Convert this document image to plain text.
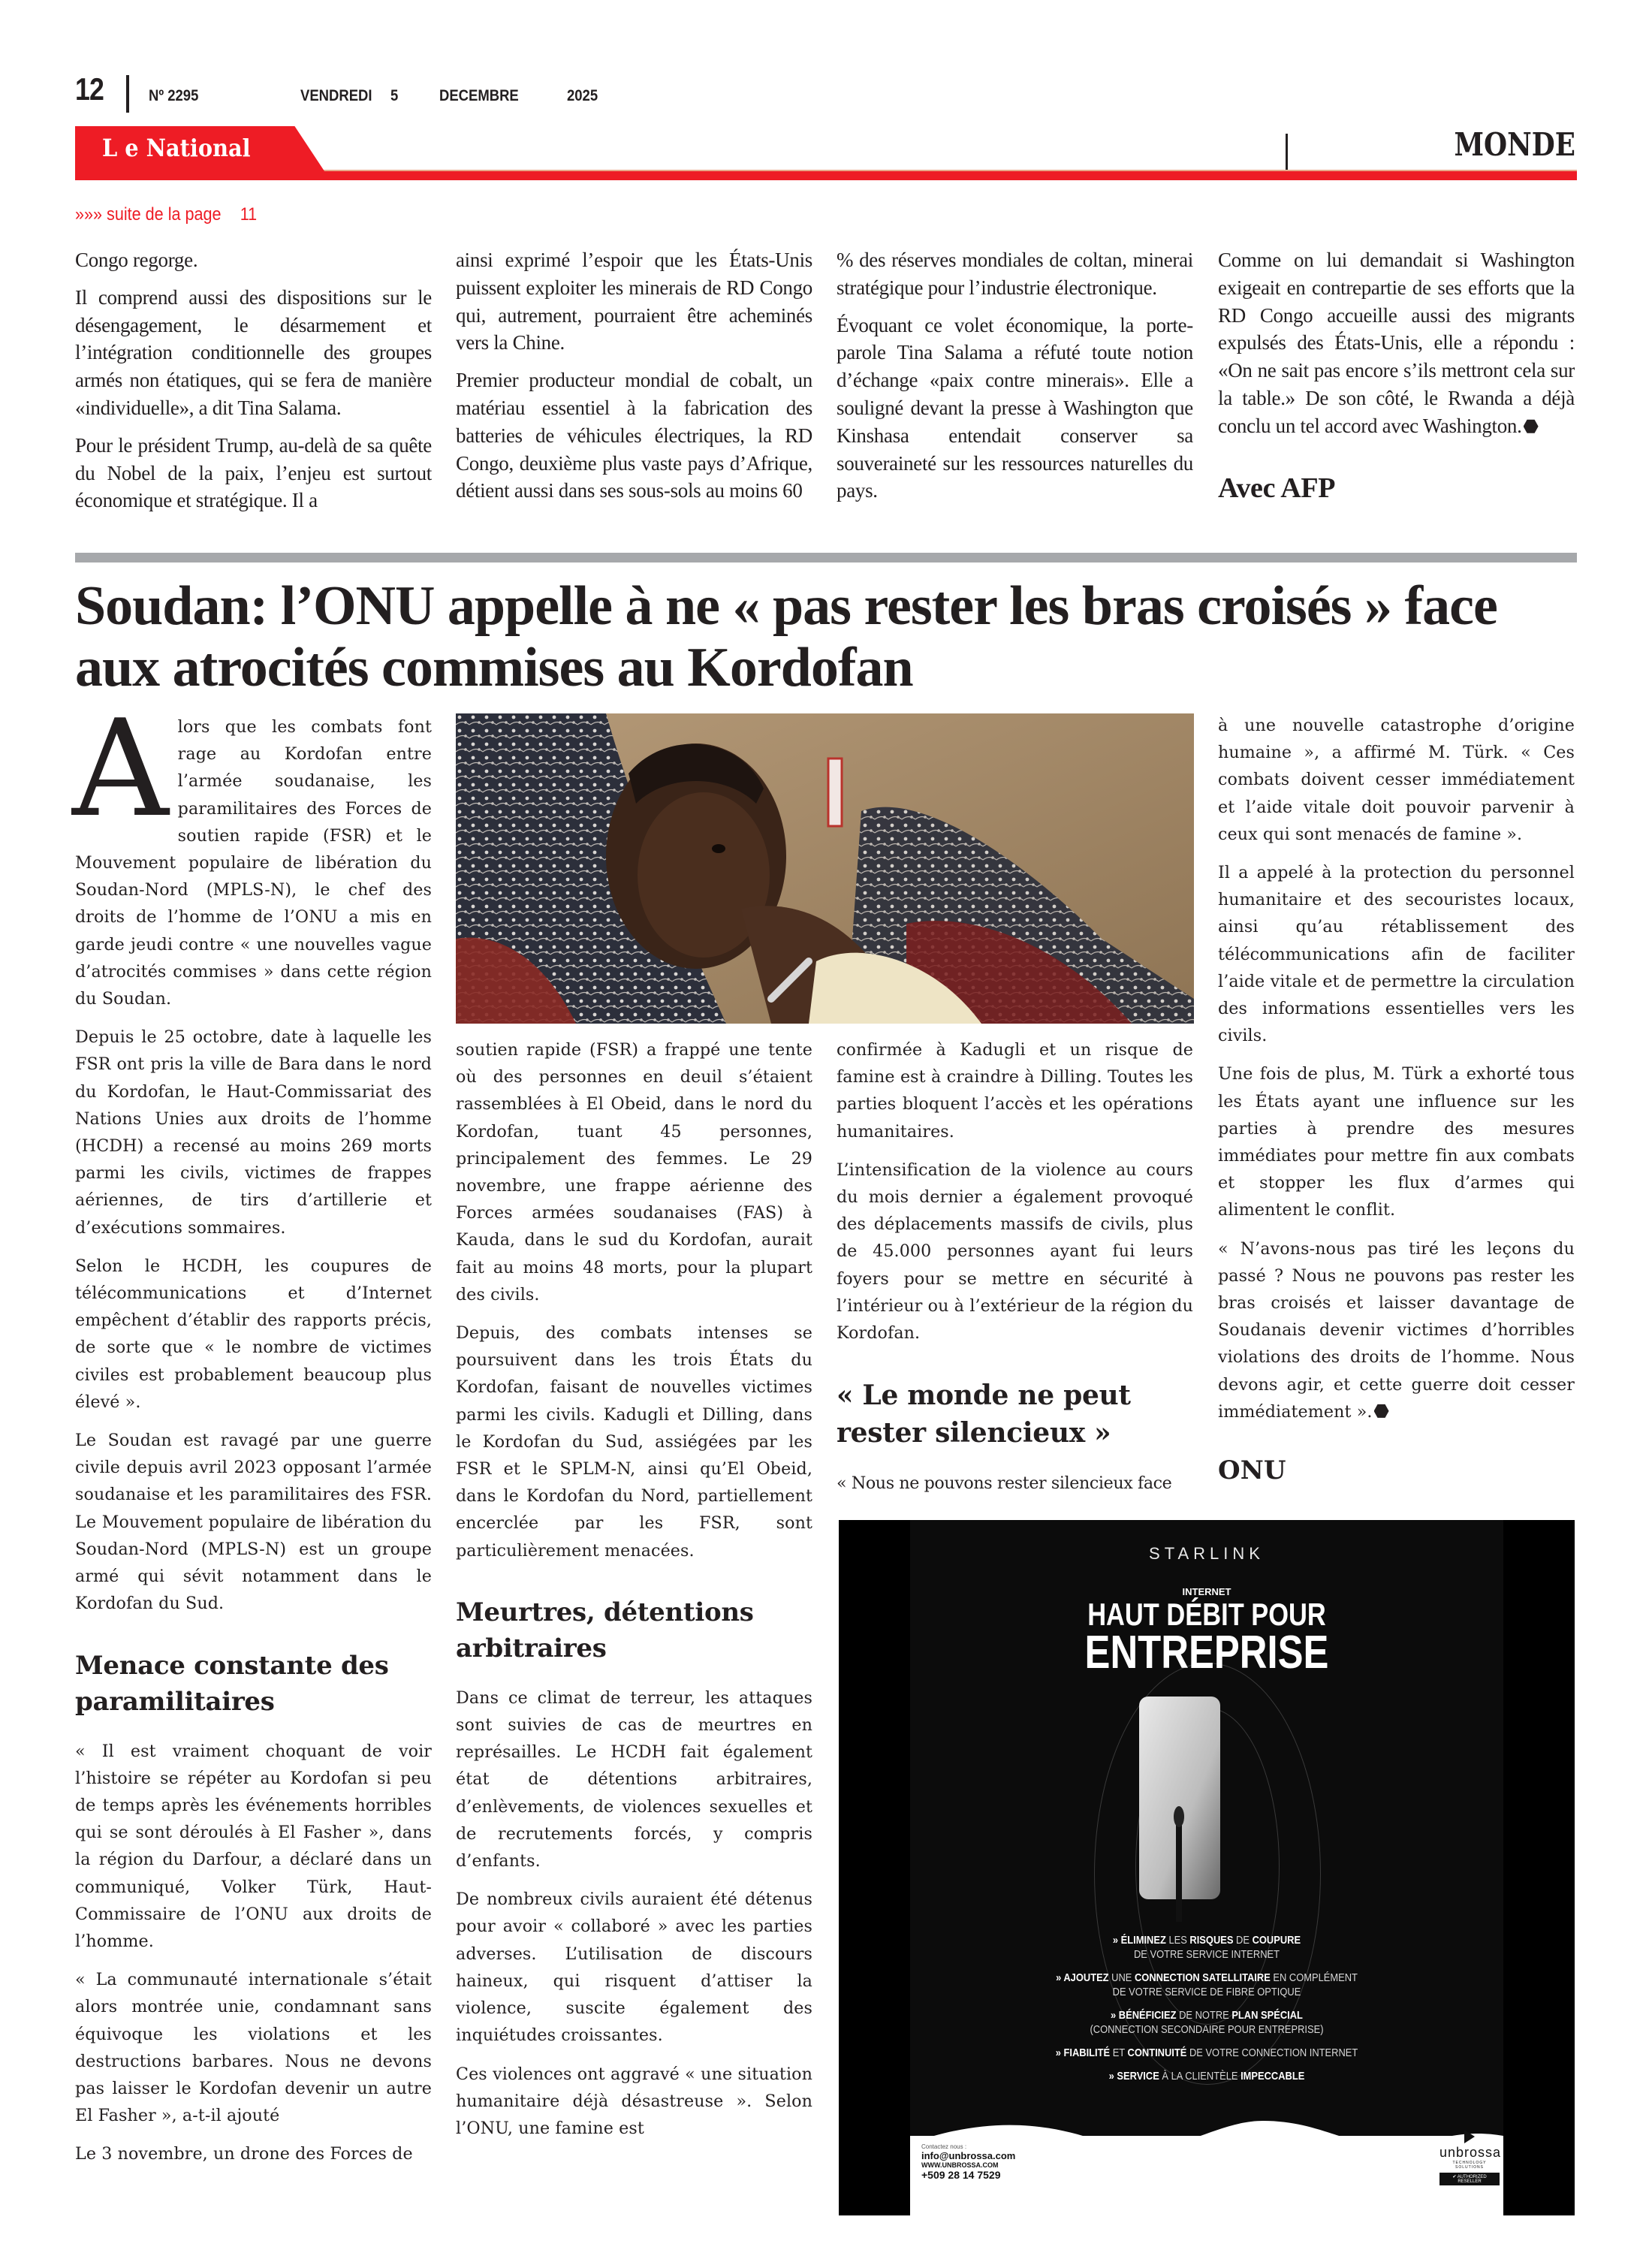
12	Nº 2295	VENDREDI 5	DECEMBRE	2025
L e National	MONDE
»»» suite de la page 11

Congo regorge.

Il comprend aussi des dispositions sur le désengagement, le désarmement et l’intégration conditionnelle des groupes armés non étatiques, qui se fera de manière «individuelle», a dit Tina Salama.

Pour le président Trump, au-delà de sa quête du Nobel de la paix, l’enjeu est surtout économique et stratégique. Il a

ainsi exprimé l’espoir que les États-Unis puissent exploiter les minerais de RD Congo qui, autrement, pourraient être acheminés vers la Chine.

Premier producteur mondial de cobalt, un matériau essentiel à la fabrication des batteries de véhicules électriques, la RD Congo, deuxième plus vaste pays d’Afrique, détient aussi dans ses sous-sols au moins 60

% des réserves mondiales de coltan, minerai stratégique pour l’industrie électronique.

Évoquant ce volet économique, la porte-parole Tina Salama a réfuté toute notion d’échange «paix contre minerais». Elle a souligné devant la presse à Washington que Kinshasa entendait conserver sa souveraineté sur les ressources naturelles du pays.

Comme on lui demandait si Washington exigeait en contrepartie de ses efforts que la RD Congo accueille aussi des migrants expulsés des États-Unis, elle a répondu : «On ne sait pas encore s’ils mettront cela sur la table.» De son côté, le Rwanda a déjà conclu un tel accord avec Washington.

Avec AFP
Soudan: l’ONU appelle à ne « pas rester les bras croisés » face aux atrocités commises au Kordofan

Alors que les combats font rage au Kordofan entre l’armée soudanaise, les paramilitaires des Forces de soutien rapide (FSR) et le Mouvement populaire de libération du Soudan-Nord (MPLS-N), le chef des droits de l’homme de l’ONU a mis en garde jeudi contre « une nouvelles vague d’atrocités commises » dans cette région du Soudan.

Depuis le 25 octobre, date à laquelle les FSR ont pris la ville de Bara dans le nord du Kordofan, le Haut-Commissariat des Nations Unies aux droits de l’homme (HCDH) a recensé au moins 269 morts parmi les civils, victimes de frappes aériennes, de tirs d’artillerie et d’exécutions sommaires.

Selon le HCDH, les coupures de télécommunications et d’Internet empêchent d’établir des rapports précis, de sorte que « le nombre de victimes civiles est probablement beaucoup plus élevé ».

Le Soudan est ravagé par une guerre civile depuis avril 2023 opposant l’armée soudanaise et les paramilitaires des FSR. Le Mouvement populaire de libération du Soudan-Nord (MPLS-N) est un groupe armé qui sévit notamment dans le Kordofan du Sud.

Menace constante des paramilitaires

« Il est vraiment choquant de voir l’histoire se répéter au Kordofan si peu de temps après les événements horribles qui se sont déroulés à El Fasher », dans la région du Darfour, a déclaré dans un communiqué, Volker Türk, Haut-Commissaire de l’ONU aux droits de l’homme.

« La communauté internationale s’était alors montrée unie, condamnant sans équivoque les violations et les destructions barbares. Nous ne devons pas laisser le Kordofan devenir un autre El Fasher », a-t-il ajouté

Le 3 novembre, un drone des Forces de

soutien rapide (FSR) a frappé une tente où des personnes en deuil s’étaient rassemblées à El Obeid, dans le nord du Kordofan, tuant 45 personnes, principalement des femmes. Le 29 novembre, une frappe aérienne des Forces armées soudanaises (FAS) à Kauda, dans le sud du Kordofan, aurait fait au moins 48 morts, pour la plupart des civils.

Depuis, des combats intenses se poursuivent dans les trois États du Kordofan, faisant de nouvelles victimes parmi les civils. Kadugli et Dilling, dans le Kordofan du Sud, assiégées par les FSR et le SPLM-N, ainsi qu’El Obeid, dans le Kordofan du Nord, partiellement encerclée par les FSR, sont particulièrement menacées.

Meurtres, détentions arbitraires

Dans ce climat de terreur, les attaques sont suivies de cas de meurtres en représailles. Le HCDH fait également état de détentions arbitraires, d’enlèvements, de violences sexuelles et de recrutements forcés, y compris d’enfants.

De nombreux civils auraient été détenus pour avoir « collaboré » avec les parties adverses. L’utilisation de discours haineux, qui risquent d’attiser la violence, suscite également des inquiétudes croissantes.

Ces violences ont aggravé « une situation humanitaire déjà désastreuse ». Selon l’ONU, une famine est

confirmée à Kadugli et un risque de famine est à craindre à Dilling. Toutes les parties bloquent l’accès et les opérations humanitaires.

L’intensification de la violence au cours du mois dernier a également provoqué des déplacements massifs de civils, plus de 45.000 personnes ayant fui leurs foyers pour se mettre en sécurité à l’intérieur ou à l’extérieur de la région du Kordofan.

« Le monde ne peut rester silencieux »

« Nous ne pouvons rester silencieux face

à une nouvelle catastrophe d’origine humaine », a affirmé M. Türk. « Ces combats doivent cesser immédiatement et l’aide vitale doit pouvoir parvenir à ceux qui sont menacés de famine ».

Il a appelé à la protection du personnel humanitaire et des secouristes locaux, ainsi qu’au rétablissement des télécommunications afin de faciliter l’aide vitale et de permettre la circulation des informations essentielles vers les civils.

Une fois de plus, M. Türk a exhorté tous les États ayant une influence sur les parties à prendre des mesures immédiates pour mettre fin aux combats et stopper les flux d’armes qui alimentent le conflit.

« N’avons-nous pas tiré les leçons du passé ? Nous ne pouvons pas rester les bras croisés et laisser davantage de Soudanais devenir victimes d’horribles violations des droits de l’homme. Nous devons agir, et cette guerre doit cesser immédiatement ».

ONU
STARLINK
INTERNET
HAUT DÉBIT POUR
ENTREPRISE
» ÉLIMINEZ LES RISQUES DE COUPURE
DE VOTRE SERVICE INTERNET
» AJOUTEZ UNE CONNECTION SATELLITAIRE EN COMPLÉMENT
DE VOTRE SERVICE DE FIBRE OPTIQUE
» BÉNÉFICIEZ DE NOTRE PLAN SPÉCIAL
(CONNECTION SECONDAIRE POUR ENTREPRISE)
» FIABILITÉ ET CONTINUITÉ DE VOTRE CONNECTION INTERNET
» SERVICE À LA CLIENTÈLE IMPECCABLE
Contactez nous :
info@unbrossa.com
WWW.UNBROSSA.COM
+509 28 14 7529
unbrossa
TECHNOLOGY SOLUTIONS
✔ AUTHORIZED RESELLER
